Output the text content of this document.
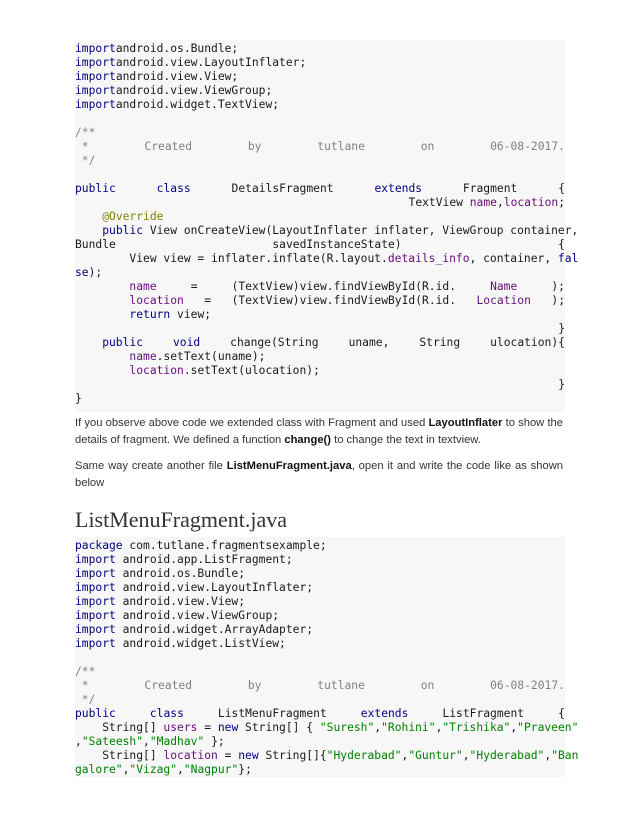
importandroid.os.Bundle;
importandroid.view.LayoutInflater;
importandroid.view.View;
importandroid.view.ViewGroup;
importandroid.widget.TextView;
/**
*	Created	by	tutlane	on	06-08-2017.
*/
public	class	DetailsFragment	extends	Fragment	{
TextView name,location;
@Override
public View onCreateView(LayoutInflater inflater, ViewGroup container,
Bundle	savedInstanceState)	{
View view = inflater.inflate(R.layout.details_info, container, fal
se);
name	=	(TextView)view.findViewById(R.id.	Name	);
location = (TextView)view.findViewById(R.id. Location );
return view;
}
public	void	change(String	uname,	String	ulocation){
name.setText(uname);
location.setText(ulocation);
}
}
If you observe above code we extended class with Fragment and used LayoutInflater to show the details of fragment. We defined a function change() to change the text in textview.
Same way create another file ListMenuFragment.java, open it and write the code like as shown below
ListMenuFragment.java
package com.tutlane.fragmentsexample;
import android.app.ListFragment;
import android.os.Bundle;
import android.view.LayoutInflater;
import android.view.View;
import android.view.ViewGroup;
import android.widget.ArrayAdapter;
import android.widget.ListView;
/**
*	Created	by	tutlane	on	06-08-2017.
*/
public	class	ListMenuFragment	extends	ListFragment	{
String[] users = new String[] { "Suresh","Rohini","Trishika","Praveen"
,"Sateesh","Madhav" };
String[] location = new String[]{"Hyderabad","Guntur","Hyderabad","Ban
galore","Vizag","Nagpur"};
